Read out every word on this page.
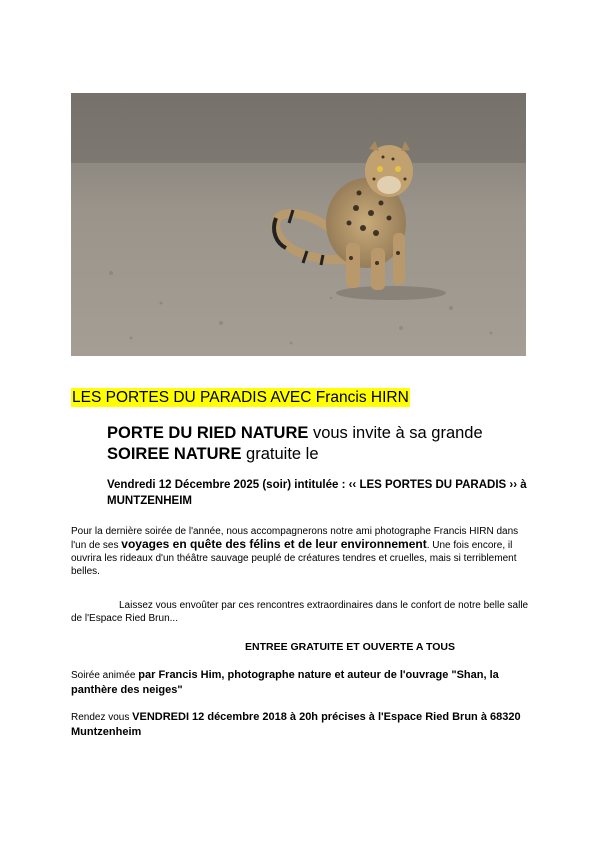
LES PORTES DU PARADIS AVEC Francis HIRN
PORTE DU RIED NATURE vous invite à sa grande
SOIREE NATURE gratuite le
Vendredi 12 Décembre 2025 (soir) intitulée : ‹‹ LES PORTES DU PARADIS ›› à MUNTZENHEIM
Pour la dernière soirée de l'année, nous accompagnerons notre ami photographe Francis HIRN dans l'un de ses voyages en quête des félins et de leur environnement. Une fois encore, il ouvrira les rideaux d'un théâtre sauvage peuplé de créatures tendres et cruelles, mais si terriblement belles.
Laissez vous envoûter par ces rencontres extraordinaires dans le confort de notre belle salle de l'Espace Ried Brun...
ENTREE GRATUITE ET OUVERTE A TOUS
Soirée animée par Francis Him, photographe nature et auteur de l'ouvrage "Shan, la panthère des neiges"
Rendez vous VENDREDI 12 décembre 2018 à 20h précises à l'Espace Ried Brun à 68320 Muntzenheim
